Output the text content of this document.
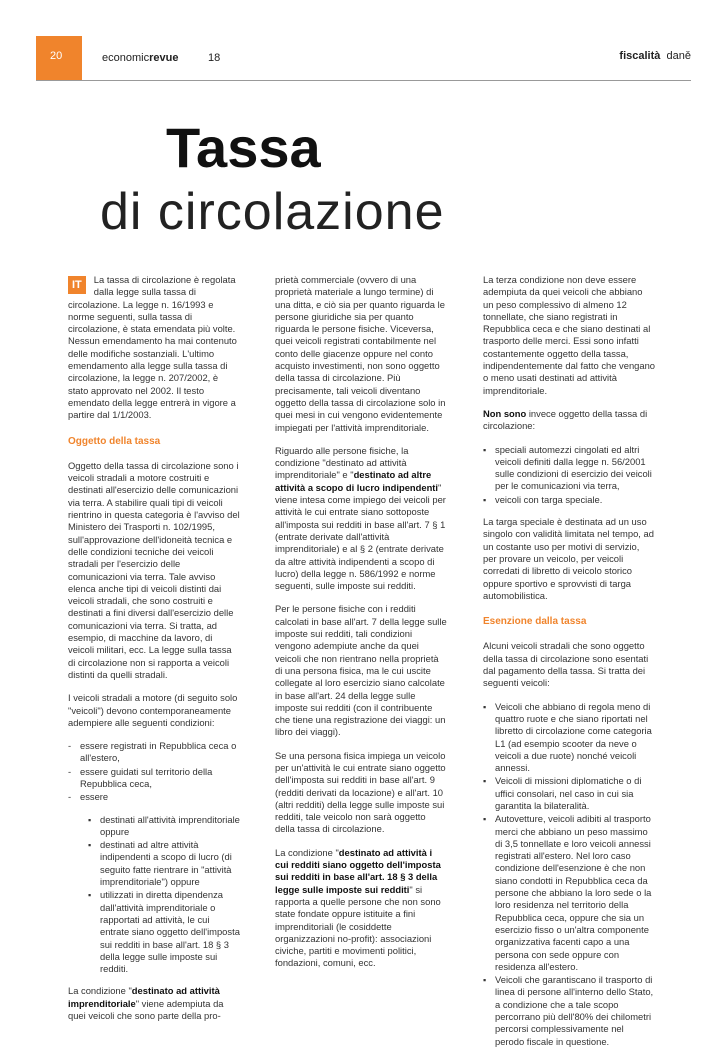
20	economicrevue	18	fiscalità daně
Tassa
di circolazione

IT	La tassa di circolazione è regolata dalla legge sulla tassa di circolazione. La legge n. 16/1993 e norme seguenti, sulla tassa di circolazione, è stata emendata più volte. Nessun emendamento ha mai contenuto delle modifiche sostanziali. L'ultimo emendamento alla legge sulla tassa di circolazione, la legge n. 207/2002, è stato approvato nel 2002. Il testo emendato della legge entrerà in vigore a partire dal 1/1/2003.

Oggetto della tassa

Oggetto della tassa di circolazione sono i veicoli stradali a motore costruiti e destinati all'esercizio delle comunicazioni via terra. A stabilire quali tipi di veicoli rientrino in questa categoria è l'avviso del Ministero dei Trasporti n. 102/1995, sull'approvazione dell'idoneità tecnica e delle condizioni tecniche dei veicoli stradali per l'esercizio delle comunicazioni via terra. Tale avviso elenca anche tipi di veicoli distinti dai veicoli stradali, che sono costruiti e destinati a fini diversi dall'esercizio delle comunicazioni via terra. Si tratta, ad esempio, di macchine da lavoro, di veicoli militari, ecc. La legge sulla tassa di circolazione non si rapporta a veicoli distinti da quelli stradali.

I veicoli stradali a motore (di seguito solo "veicoli") devono contemporaneamente adempiere alle seguenti condizioni:

- essere registrati in Repubblica ceca o all'estero,
- essere guidati sul territorio della Repubblica ceca,
- essere
▪ destinati all'attività imprenditoriale oppure
▪ destinati ad altre attività indipendenti a scopo di lucro (di seguito fatte rientrare in "attività imprenditoriale") oppure
▪ utilizzati in diretta dipendenza dall'attività imprenditoriale o rapportati ad attività, le cui entrate siano oggetto dell'imposta sui redditi in base all'art. 18 § 3 della legge sulle imposte sui redditi.

La condizione "destinato ad attività imprenditoriale" viene adempiuta da quei veicoli che sono parte della pro-

prietà commerciale (ovvero di una proprietà materiale a lungo termine) di una ditta, e ciò sia per quanto riguarda le persone giuridiche sia per quanto riguarda le persone fisiche. Viceversa, quei veicoli registrati contabilmente nel conto delle giacenze oppure nel conto acquisto investimenti, non sono oggetto della tassa di circolazione. Più precisamente, tali veicoli diventano oggetto della tassa di circolazione solo in quei mesi in cui vengono evidentemente impiegati per l'attività imprenditoriale.

Riguardo alle persone fisiche, la condizione "destinato ad attività imprenditoriale" e "destinato ad altre attività a scopo di lucro indipendenti" viene intesa come impiego dei veicoli per attività le cui entrate siano sottoposte all'imposta sui redditi in base all'art. 7 § 1 (entrate derivate dall'attività imprenditoriale) e al § 2 (entrate derivate da altre attività indipendenti a scopo di lucro) della legge n. 586/1992 e norme seguenti, sulle imposte sui redditi.

Per le persone fisiche con i redditi calcolati in base all'art. 7 della legge sulle imposte sui redditi, tali condizioni vengono adempiute anche da quei veicoli che non rientrano nella proprietà di una persona fisica, ma le cui uscite collegate al loro esercizio siano calcolate in base all'art. 24 della legge sulle imposte sui redditi (con il contribuente che tiene una registrazione dei viaggi: un libro dei viaggi).

Se una persona fisica impiega un veicolo per un'attività le cui entrate siano oggetto dell'imposta sui redditi in base all'art. 9 (redditi derivati da locazione) e all'art. 10 (altri redditi) della legge sulle imposte sui redditi, tale veicolo non sarà oggetto della tassa di circolazione.

La condizione "destinato ad attività i cui redditi siano oggetto dell'imposta sui redditi in base all'art. 18 § 3 della legge sulle imposte sui redditi" si rapporta a quelle persone che non sono state fondate oppure istituite a fini imprenditoriali (le cosiddette organizzazioni no-profit): associazioni civiche, partiti e movimenti politici, fondazioni, comuni, ecc.

La terza condizione non deve essere adempiuta da quei veicoli che abbiano un peso complessivo di almeno 12 tonnellate, che siano registrati in Repubblica ceca e che siano destinati al trasporto delle merci. Essi sono infatti costantemente oggetto della tassa, indipendentemente dal fatto che vengano o meno usati destinati ad attività imprenditoriale.

Non sono invece oggetto della tassa di circolazione:

▪ speciali automezzi cingolati ed altri veicoli definiti dalla legge n. 56/2001 sulle condizioni di esercizio dei veicoli per le comunicazioni via terra,
▪ veicoli con targa speciale.

La targa speciale è destinata ad un uso singolo con validità limitata nel tempo, ad un costante uso per motivi di servizio, per provare un veicolo, per veicoli corredati di libretto di veicolo storico oppure sportivo e sprovvisti di targa automobilistica.

Esenzione dalla tassa

Alcuni veicoli stradali che sono oggetto della tassa di circolazione sono esentati dal pagamento della tassa. Si tratta dei seguenti veicoli:

▪ Veicoli che abbiano di regola meno di quattro ruote e che siano riportati nel libretto di circolazione come categoria L1 (ad esempio scooter da neve o veicoli a due ruote) nonché veicoli annessi.
▪ Veicoli di missioni diplomatiche o di uffici consolari, nel caso in cui sia garantita la bilateralità.
▪ Autovetture, veicoli adibiti al trasporto merci che abbiano un peso massimo di 3,5 tonnellate e loro veicoli annessi registrati all'estero. Nel loro caso condizione dell'esenzione è che non siano condotti in Repubblica ceca da persone che abbiano la loro sede o la loro residenza nel territorio della Repubblica ceca, oppure che sia un esercizio fisso o un'altra componente organizzativa facenti capo a una persona con sede oppure con residenza all'estero.
▪ Veicoli che garantiscano il trasporto di linea di persone all'interno dello Stato, a condizione che a tale scopo percorrano più dell'80% dei chilometri percorsi complessivamente nel perodo fiscale in questione.
